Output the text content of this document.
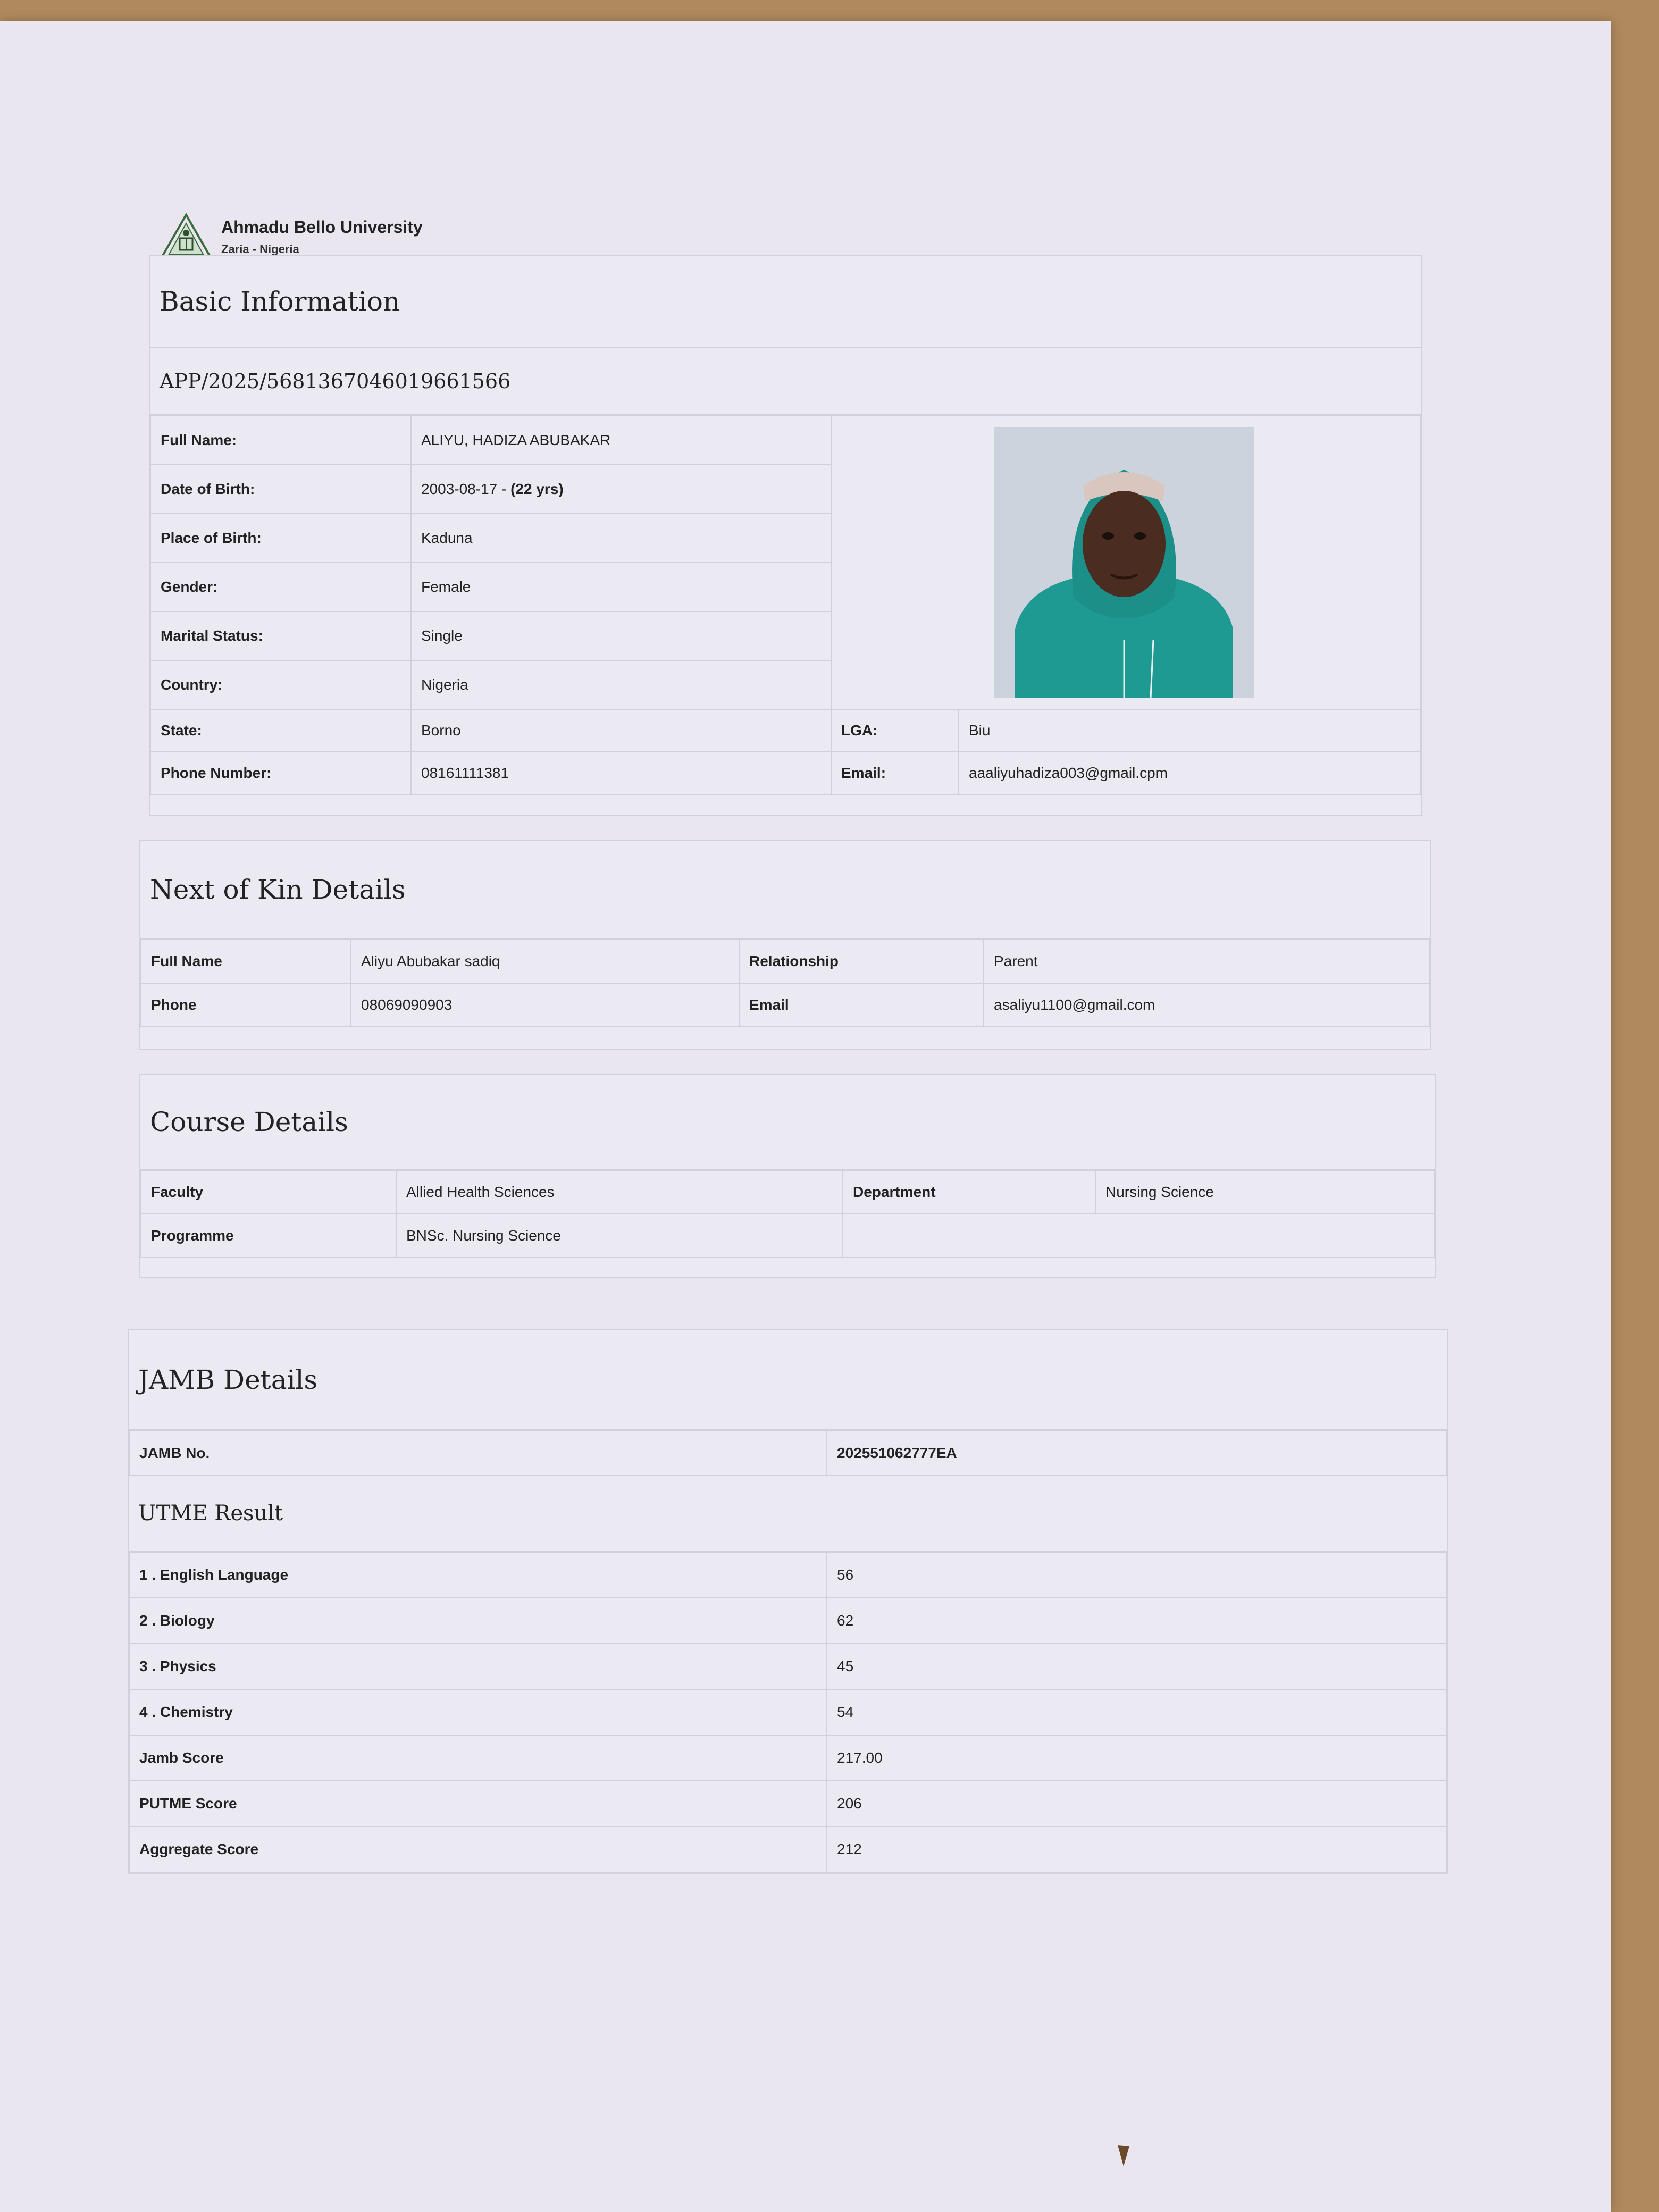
Ahmadu Bello University
Zaria - Nigeria
Basic Information
APP/2025/5681367046019661566
Full Name:	ALIYU, HADIZA ABUBAKAR	

Date of Birth:	2003-08-17 - (22 yrs)		
Place of Birth:	Kaduna		
Gender:	Female		
Marital Status:	Single		
Country:	Nigeria		
State:	Borno	LGA:	Biu
Phone Number:	08161111381	Email:	aaaliyuhadiza003@gmail.cpm
Next of Kin Details
Full Name	Aliyu Abubakar sadiq	Relationship	Parent
Phone	08069090903	Email	asaliyu1100@gmail.com
Course Details
Faculty	Allied Health Sciences	Department	Nursing Science
Programme	BNSc. Nursing Science		
JAMB Details
JAMB No.	202551062777EA
UTME Result
1 . English Language	56
2 . Biology	62
3 . Physics	45
4 . Chemistry	54
Jamb Score	217.00
PUTME Score	206
Aggregate Score	212
